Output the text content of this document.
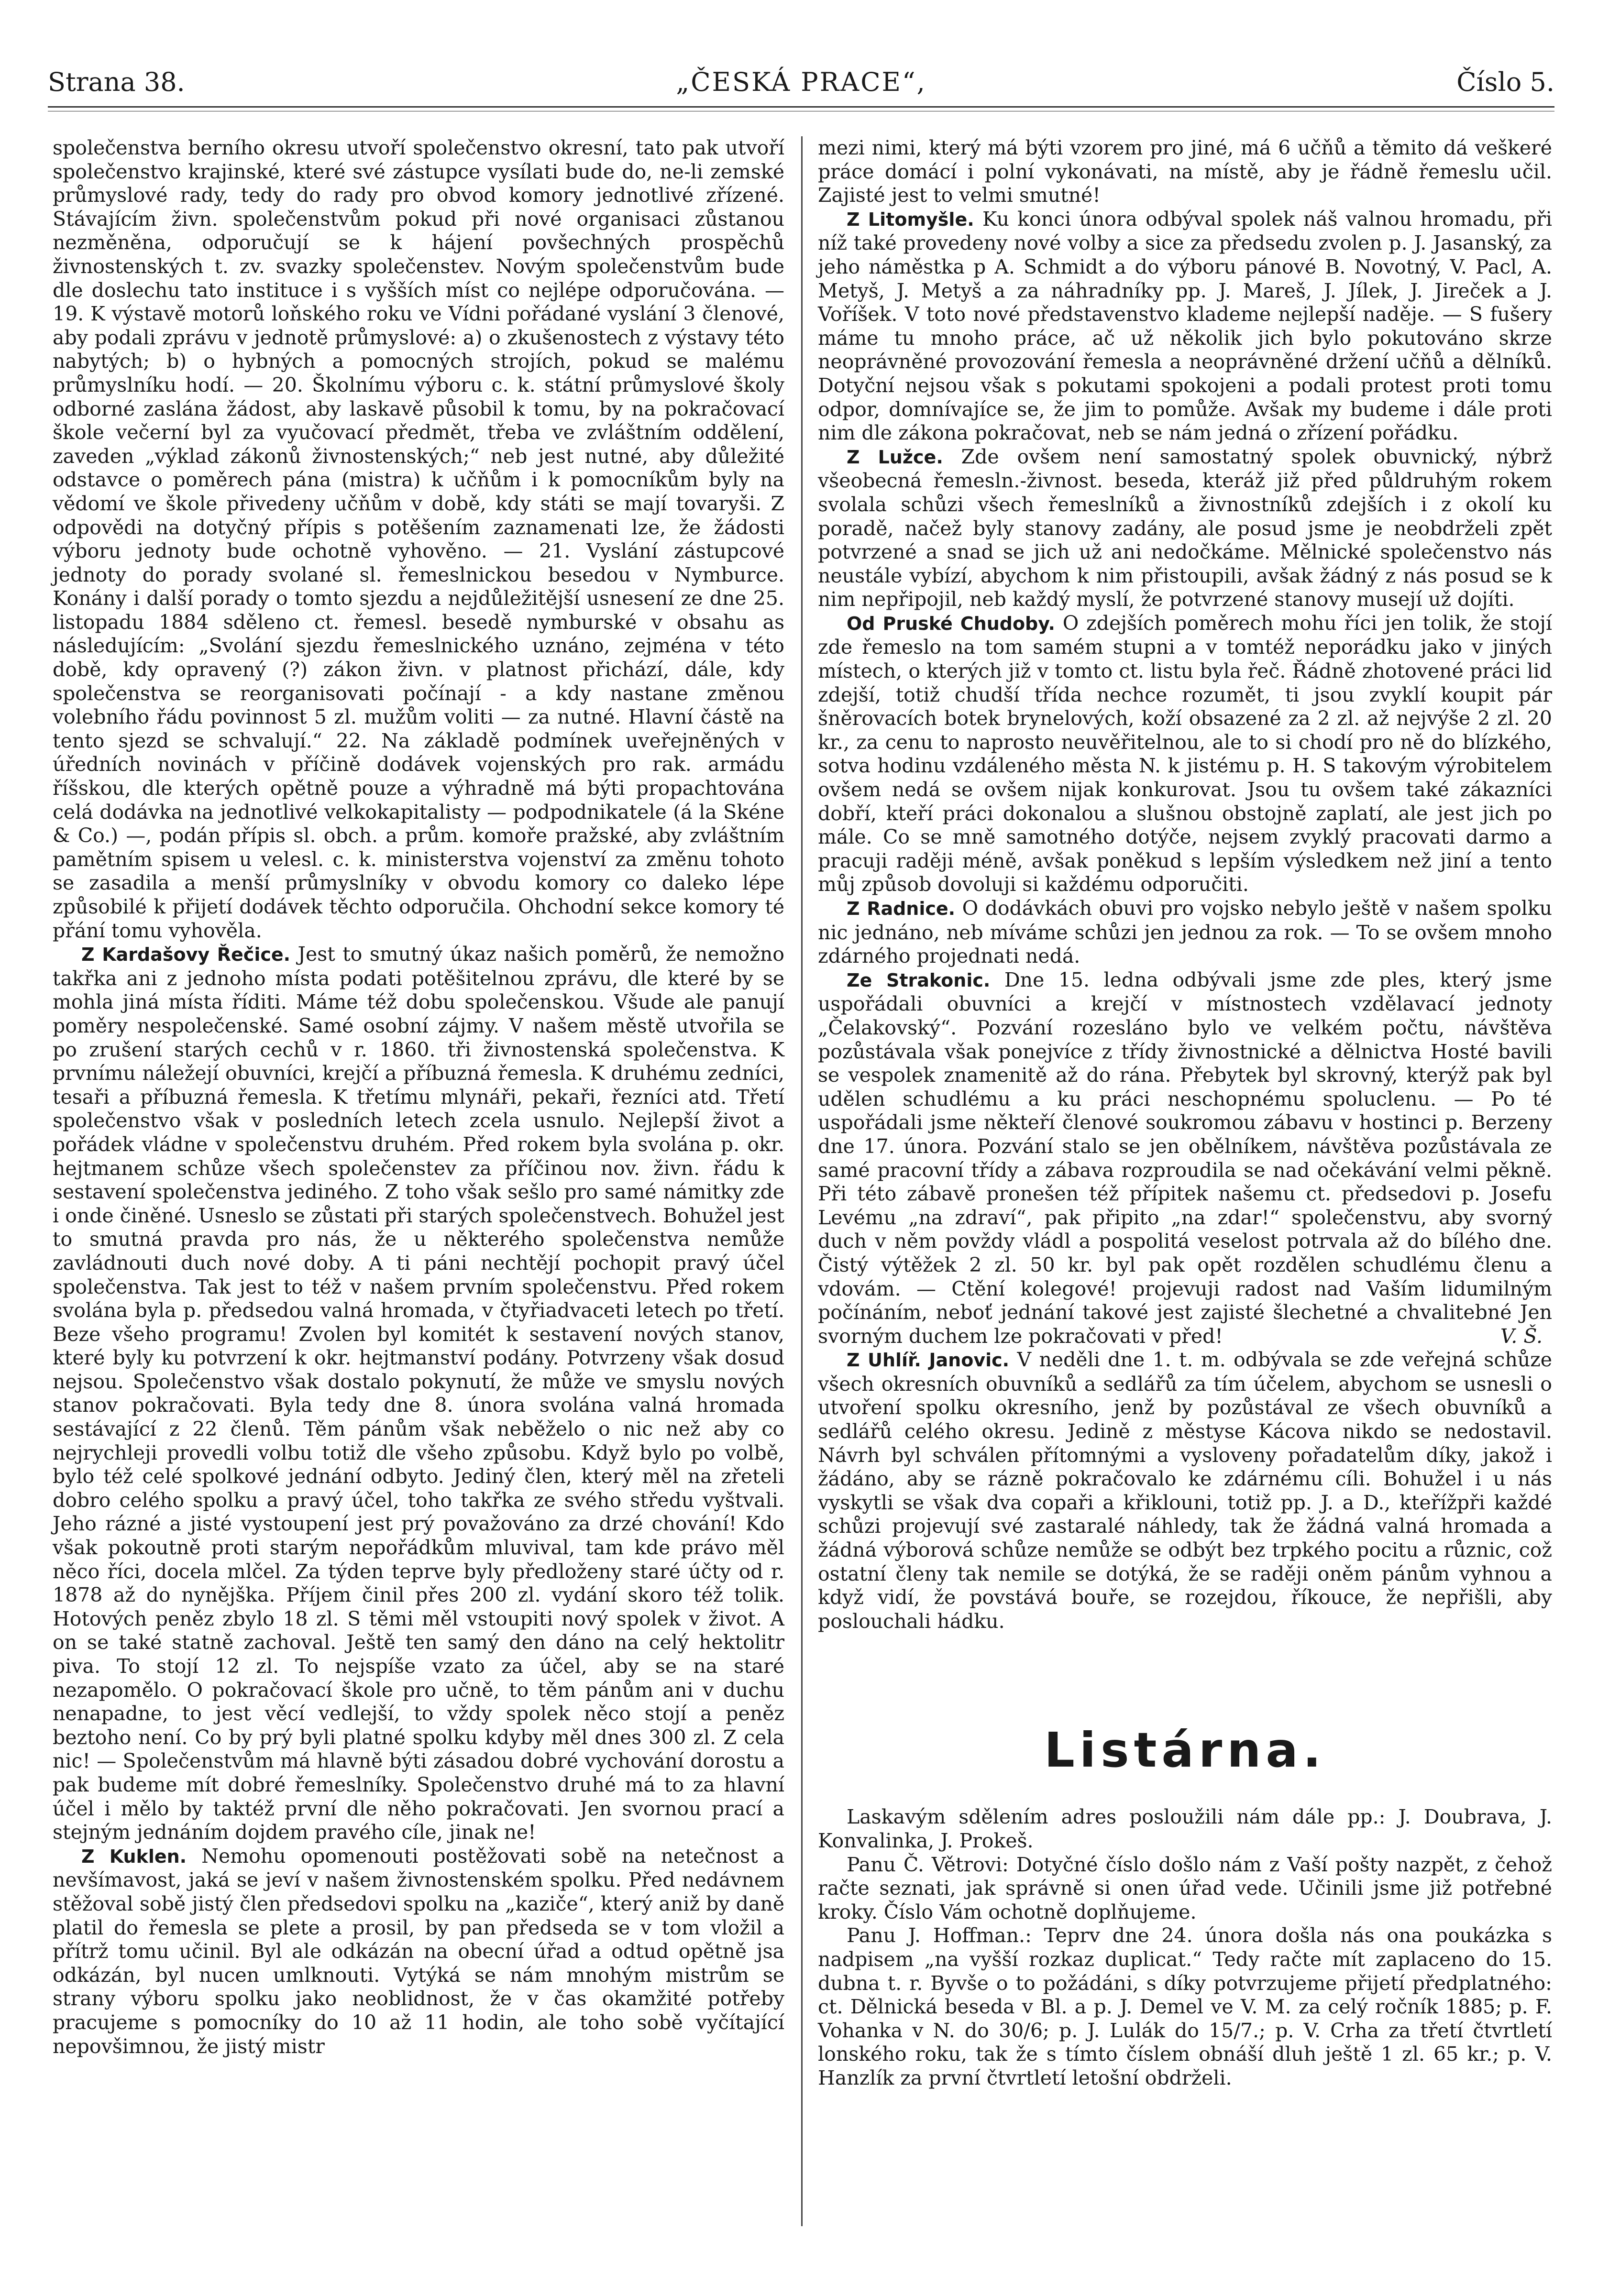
Strana 38.	„ČESKÁ PRACE“,	Číslo 5.

společenstva berního okresu utvoří společenstvo okresní, tato pak utvoří společenstvo krajinské, které své zástupce vysílati bude do, ne-li zemské průmyslové rady, tedy do rady pro obvod komory jednotlivé zřízené. Stávajícím živn. společenstvům pokud při nové organisaci zůstanou nezměněna, odporučují se k hájení povšechných prospěchů živnostenských t. zv. svazky společenstev. Novým společenstvům bude dle doslechu tato instituce i s vyšších míst co nejlépe odporučována. — 19. K výstavě motorů loňského roku ve Vídni pořádané vyslání 3 členové, aby podali zprávu v jednotě průmyslové: a) o zkušenostech z výstavy této nabytých; b) o hybných a pomocných strojích, pokud se malému průmyslníku hodí. — 20. Školnímu výboru c. k. státní průmyslové školy odborné zaslána žádost, aby laskavě působil k tomu, by na pokračovací škole večerní byl za vyučovací předmět, třeba ve zvláštním oddělení, zaveden „výklad zákonů živnostenských;“ neb jest nutné, aby důležité odstavce o poměrech pána (mistra) k učňům i k pomocníkům byly na vědomí ve škole přivedeny učňům v době, kdy státi se mají tovaryši. Z odpovědi na dotyčný přípis s potěšením zaznamenati lze, že žádosti výboru jednoty bude ochotně vyhověno. — 21. Vyslání zástupcové jednoty do porady svolané sl. řemeslnickou besedou v Nymburce. Konány i další porady o tomto sjezdu a nejdůležitější usnesení ze dne 25. listopadu 1884 sděleno ct. řemesl. besedě nymburské v obsahu as následujícím: „Svolání sjezdu řemeslnického uznáno, zejména v této době, kdy opravený (?) zákon živn. v platnost přichází, dále, kdy společenstva se reorganisovati počínají - a kdy nastane změnou volebního řádu povinnost 5 zl. mužům voliti — za nutné. Hlavní částě na tento sjezd se schvalují.“ 22. Na základě podmínek uveřejněných v úředních novinách v příčině dodávek vojenských pro rak. armádu říšskou, dle kterých opětně pouze a výhradně má býti propachtována celá dodávka na jednotlivé velkokapitalisty — podpodnikatele (á la Skéne & Co.) —, podán přípis sl. obch. a prům. komoře pražské, aby zvláštním pamětním spisem u velesl. c. k. ministerstva vojenství za změnu tohoto se zasadila a menší průmyslníky v obvodu komory co daleko lépe způsobilé k přijetí dodávek těchto odporučila. Ohchodní sekce komory té přání tomu vyhověla.

Z Kardašovy Řečice. Jest to smutný úkaz našich poměrů, že nemožno takřka ani z jednoho místa podati potěšitelnou zprávu, dle které by se mohla jiná místa říditi. Máme též dobu společenskou. Všude ale panují poměry nespolečenské. Samé osobní zájmy. V našem městě utvořila se po zrušení starých cechů v r. 1860. tři živnostenská společenstva. K prvnímu náležejí obuvníci, krejčí a příbuzná řemesla. K druhému zedníci, tesaři a příbuzná řemesla. K třetímu mlynáři, pekaři, řezníci atd. Třetí společenstvo však v posledních letech zcela usnulo. Nejlepší život a pořádek vládne v společenstvu druhém. Před rokem byla svolána p. okr. hejtmanem schůze všech společenstev za příčinou nov. živn. řádu k sestavení společenstva jediného. Z toho však sešlo pro samé námitky zde i onde činěné. Usneslo se zůstati při starých společenstvech. Bohužel jest to smutná pravda pro nás, že u některého společenstva nemůže zavládnouti duch nové doby. A ti páni nechtějí pochopit pravý účel společenstva. Tak jest to též v našem prvním společenstvu. Před rokem svolána byla p. předsedou valná hromada, v čtyřiadvaceti letech po třetí. Beze všeho programu! Zvolen byl komitét k sestavení nových stanov, které byly ku potvrzení k okr. hejtmanství podány. Potvrzeny však dosud nejsou. Společenstvo však dostalo pokynutí, že může ve smyslu nových stanov pokračovati. Byla tedy dne 8. února svolána valná hromada sestávající z 22 členů. Těm pánům však neběželo o nic než aby co nejrychleji provedli volbu totiž dle všeho způsobu. Když bylo po volbě, bylo též celé spolkové jednání odbyto. Jediný člen, který měl na zřeteli dobro celého spolku a pravý účel, toho takřka ze svého středu vyštvali. Jeho rázné a jisté vystoupení jest prý považováno za drzé chování! Kdo však pokoutně proti starým nepořádkům mluvival, tam kde právo měl něco říci, docela mlčel. Za týden teprve byly předloženy staré účty od r. 1878 až do nynějška. Příjem činil přes 200 zl. vydání skoro též tolik. Hotových peněz zbylo 18 zl. S těmi měl vstoupiti nový spolek v život. A on se také statně zachoval. Ještě ten samý den dáno na celý hektolitr piva. To stojí 12 zl. To nejspíše vzato za účel, aby se na staré nezapomělo. O pokračovací škole pro učně, to těm pánům ani v duchu nenapadne, to jest věcí vedlejší, to vždy spolek něco stojí a peněz beztoho není. Co by prý byli platné spolku kdyby měl dnes 300 zl. Z cela nic! — Společenstvům má hlavně býti zásadou dobré vychování dorostu a pak budeme mít dobré řemeslníky. Společenstvo druhé má to za hlavní účel i mělo by taktéž první dle něho pokračovati. Jen svornou prací a stejným jednáním dojdem pravého cíle, jinak ne!

Z Kuklen. Nemohu opomenouti postěžovati sobě na netečnost a nevšímavost, jaká se jeví v našem živnostenském spolku. Před nedávnem stěžoval sobě jistý člen předsedovi spolku na „kaziče“, který aniž by daně platil do řemesla se plete a prosil, by pan předseda se v tom vložil a přítrž tomu učinil. Byl ale odkázán na obecní úřad a odtud opětně jsa odkázán, byl nucen umlknouti. Vytýká se nám mnohým mistrům se strany výboru spolku jako neoblidnost, že v čas okamžité potřeby pracujeme s pomocníky do 10 až 11 hodin, ale toho sobě vyčítající nepovšimnou, že jistý mistr

mezi nimi, který má býti vzorem pro jiné, má 6 učňů a těmito dá veškeré práce domácí i polní vykonávati, na místě, aby je řádně řemeslu učil. Zajisté jest to velmi smutné!

Z Litomyšle. Ku konci února odbýval spolek náš valnou hromadu, při níž také provedeny nové volby a sice za předsedu zvolen p. J. Jasanský, za jeho náměstka p A. Schmidt a do výboru pánové B. Novotný, V. Pacl, A. Metyš, J. Metyš a za náhradníky pp. J. Mareš, J. Jílek, J. Jireček a J. Voříšek. V toto nové představenstvo klademe nejlepší naděje. — S fušery máme tu mnoho práce, ač už několik jich bylo pokutováno skrze neoprávněné provozování řemesla a neoprávněné držení učňů a dělníků. Dotyční nejsou však s pokutami spokojeni a podali protest proti tomu odpor, domnívajíce se, že jim to pomůže. Avšak my budeme i dále proti nim dle zákona pokračovat, neb se nám jedná o zřízení pořádku.

Z Lužce. Zde ovšem není samostatný spolek obuvnický, nýbrž všeobecná řemesln.-živnost. beseda, kteráž již před půldruhým rokem svolala schůzi všech řemeslníků a živnostníků zdejších i z okolí ku poradě, načež byly stanovy zadány, ale posud jsme je neobdrželi zpět potvrzené a snad se jich už ani nedočkáme. Mělnické společenstvo nás neustále vybízí, abychom k nim přistoupili, avšak žádný z nás posud se k nim nepřipojil, neb každý myslí, že potvrzené stanovy musejí už dojíti.

Od Pruské Chudoby. O zdejších poměrech mohu říci jen tolik, že stojí zde řemeslo na tom samém stupni a v tomtéž neporádku jako v jiných místech, o kterých již v tomto ct. listu byla řeč. Řádně zhotovené práci lid zdejší, totiž chudší třída nechce rozumět, ti jsou zvyklí koupit pár šněrovacích botek brynelových, koží obsazené za 2 zl. až nejvýše 2 zl. 20 kr., za cenu to naprosto neuvěřitelnou, ale to si chodí pro ně do blízkého, sotva hodinu vzdáleného města N. k jistému p. H. S takovým výrobitelem ovšem nedá se ovšem nijak konkurovat. Jsou tu ovšem také zákazníci dobří, kteří práci dokonalou a slušnou obstojně zaplatí, ale jest jich po mále. Co se mně samotného dotýče, nejsem zvyklý pracovati darmo a pracuji raději méně, avšak poněkud s lepším výsledkem než jiní a tento můj způsob dovoluji si každému odporučiti.

Z Radnice. O dodávkách obuvi pro vojsko nebylo ještě v našem spolku nic jednáno, neb míváme schůzi jen jednou za rok. — To se ovšem mnoho zdárného projednati nedá.

Ze Strakonic. Dne 15. ledna odbývali jsme zde ples, který jsme uspořádali obuvníci a krejčí v místnostech vzdělavací jednoty „Čelakovský“. Pozvání rozesláno bylo ve velkém počtu, návštěva pozůstávala však ponejvíce z třídy živnostnické a dělnictva Hosté bavili se vespolek znamenitě až do rána. Přebytek byl skrovný, kterýž pak byl udělen schudlému a ku práci neschopnému spoluclenu. — Po té uspořádali jsme někteří členové soukromou zábavu v hostinci p. Berzeny dne 17. února. Pozvání stalo se jen obělníkem, návštěva pozůstávala ze samé pracovní třídy a zábava rozproudila se nad očekávání velmi pěkně. Při této zábavě pronešen též přípitek našemu ct. předsedovi p. Josefu Levému „na zdraví“, pak připito „na zdar!“ společenstvu, aby svorný duch v něm povždy vládl a pospolitá veselost potrvala až do bílého dne. Čistý výtěžek 2 zl. 50 kr. byl pak opět rozdělen schudlému členu a vdovám. — Ctění kolegové! projevuji radost nad Vaším lidumilným počínáním, neboť jednání takové jest zajisté šlechetné a chvalitebné Jen svorným duchem lze pokračovati v před!	V. Š.

Z Uhlíř. Janovic. V neděli dne 1. t. m. odbývala se zde veřejná schůze všech okresních obuvníků a sedlářů za tím účelem, abychom se usnesli o utvoření spolku okresního, jenž by pozůstával ze všech obuvníků a sedlářů celého okresu. Jedině z městyse Kácova nikdo se nedostavil. Návrh byl schválen přítomnými a vysloveny pořadatelům díky, jakož i žádáno, aby se rázně pokračovalo ke zdárnému cíli. Bohužel i u nás vyskytli se však dva copaři a křiklouni, totiž pp. J. a D., kteřížpři každé schůzi projevují své zastaralé náhledy, tak že žádná valná hromada a žádná výborová schůze nemůže se odbýt bez trpkého pocitu a různic, což ostatní členy tak nemile se dotýká, že se raději oněm pánům vyhnou a když vidí, že povstává bouře, se rozejdou, říkouce, že nepřišli, aby poslouchali hádku.

Listárna.

Laskavým sdělením adres posloužili nám dále pp.: J. Doubrava, J. Konvalinka, J. Prokeš.

Panu Č. Větrovi: Dotyčné číslo došlo nám z Vaší pošty nazpět, z čehož račte seznati, jak správně si onen úřad vede. Učinili jsme již potřebné kroky. Číslo Vám ochotně doplňujeme.

Panu J. Hoffman.: Teprv dne 24. února došla nás ona poukázka s nadpisem „na vyšší rozkaz duplicat.“ Tedy račte mít zaplaceno do 15. dubna t. r. Byvše o to požádáni, s díky potvrzujeme přijetí předplatného: ct. Dělnická beseda v Bl. a p. J. Demel ve V. M. za celý ročník 1885; p. F. Vohanka v N. do 30/6; p. J. Lulák do 15/7.; p. V. Crha za třetí čtvrtletí lonského roku, tak že s tímto číslem obnáší dluh ještě 1 zl. 65 kr.; p. V. Hanzlík za první čtvrtletí letošní obdrželi.
